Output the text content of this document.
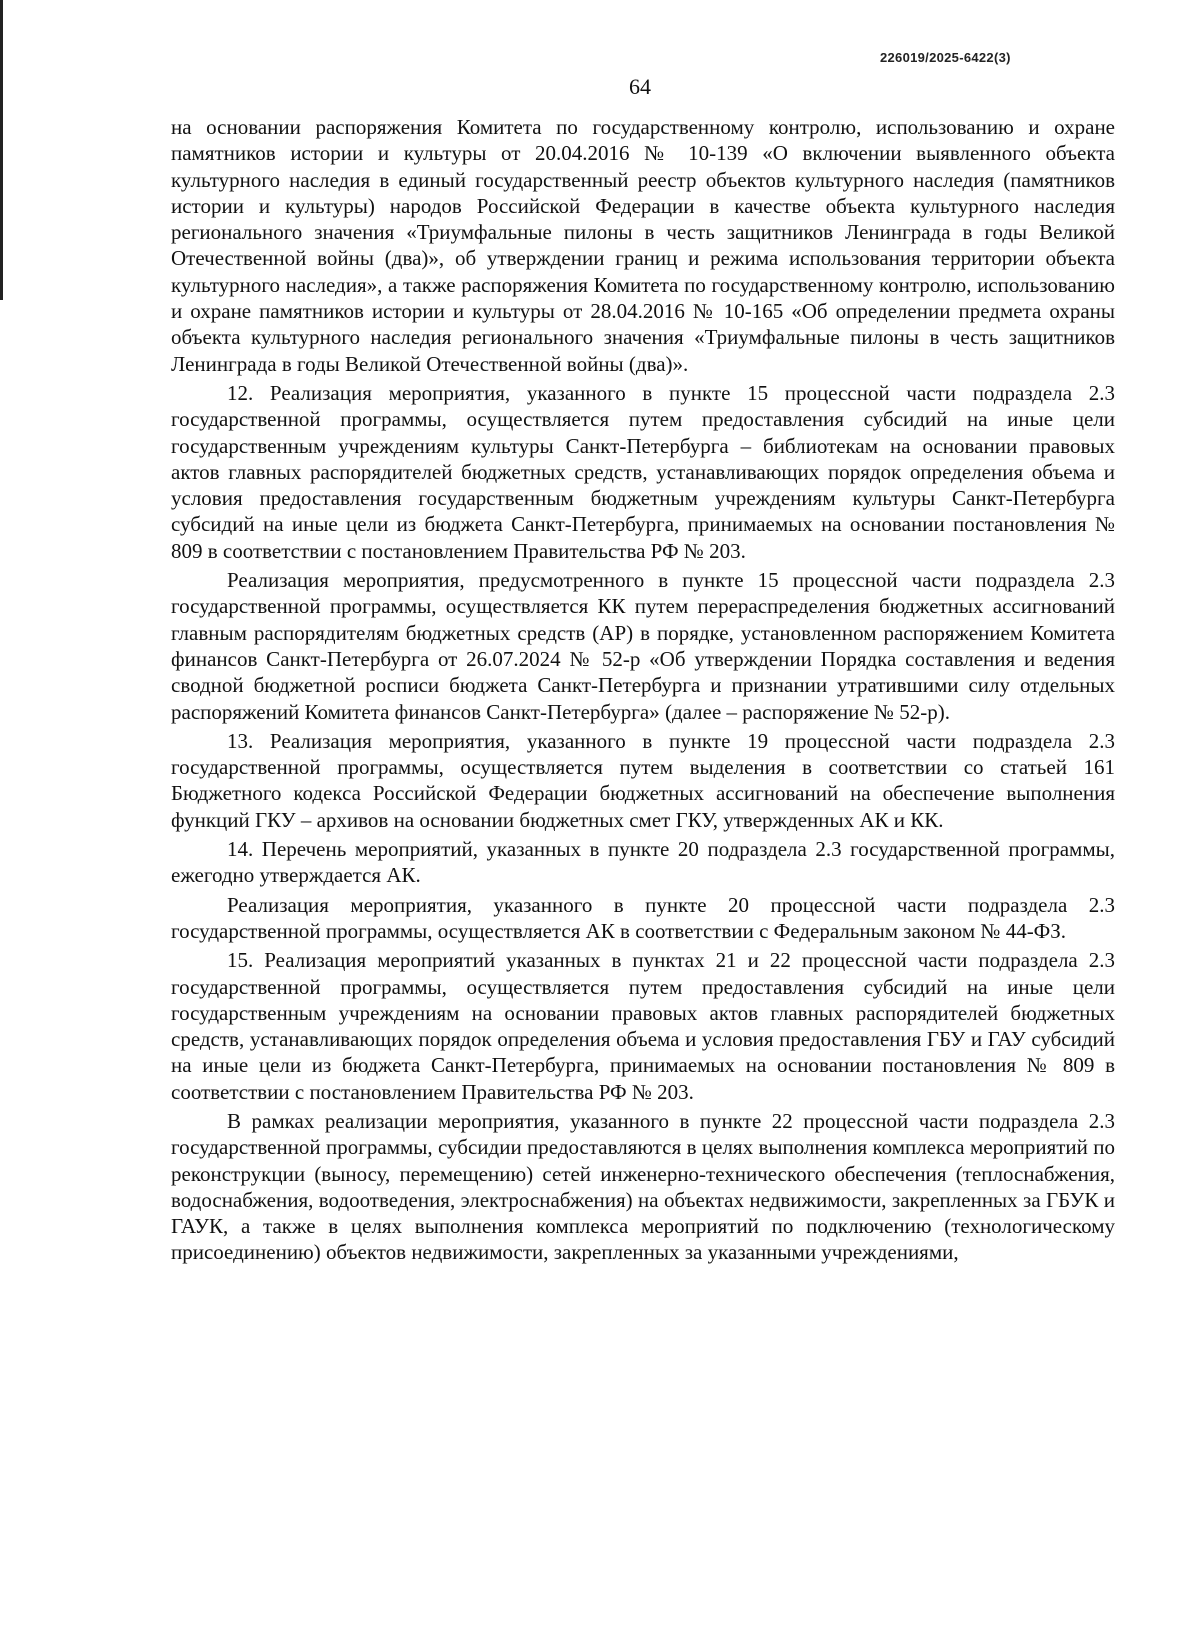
226019/2025-6422(3)
64

на основании распоряжения Комитета по государственному контролю, использованию и охране памятников истории и культуры от 20.04.2016 № 10-139 «О включении выявленного объекта культурного наследия в единый государственный реестр объектов культурного наследия (памятников истории и культуры) народов Российской Федерации в качестве объекта культурного наследия регионального значения «Триумфальные пилоны в честь защитников Ленинграда в годы Великой Отечественной войны (два)», об утверждении границ и режима использования территории объекта культурного наследия», а также распоряжения Комитета по государственному контролю, использованию и охране памятников истории и культуры от 28.04.2016 № 10-165 «Об определении предмета охраны объекта культурного наследия регионального значения «Триумфальные пилоны в честь защитников Ленинграда в годы Великой Отечественной войны (два)».

12. Реализация мероприятия, указанного в пункте 15 процессной части подраздела 2.3 государственной программы, осуществляется путем предоставления субсидий на иные цели государственным учреждениям культуры Санкт-Петербурга – библиотекам на основании правовых актов главных распорядителей бюджетных средств, устанавливающих порядок определения объема и условия предоставления государственным бюджетным учреждениям культуры Санкт-Петербурга субсидий на иные цели из бюджета Санкт-Петербурга, принимаемых на основании постановления № 809 в соответствии с постановлением Правительства РФ № 203.

Реализация мероприятия, предусмотренного в пункте 15 процессной части подраздела 2.3 государственной программы, осуществляется КК путем перераспределения бюджетных ассигнований главным распорядителям бюджетных средств (АР) в порядке, установленном распоряжением Комитета финансов Санкт-Петербурга от 26.07.2024 № 52-р «Об утверждении Порядка составления и ведения сводной бюджетной росписи бюджета Санкт-Петербурга и признании утратившими силу отдельных распоряжений Комитета финансов Санкт-Петербурга» (далее – распоряжение № 52-р).

13. Реализация мероприятия, указанного в пункте 19 процессной части подраздела 2.3 государственной программы, осуществляется путем выделения в соответствии со статьей 161 Бюджетного кодекса Российской Федерации бюджетных ассигнований на обеспечение выполнения функций ГКУ – архивов на основании бюджетных смет ГКУ, утвержденных АК и КК.

14. Перечень мероприятий, указанных в пункте 20 подраздела 2.3 государственной программы, ежегодно утверждается АК.

Реализация мероприятия, указанного в пункте 20 процессной части подраздела 2.3 государственной программы, осуществляется АК в соответствии с Федеральным законом № 44-ФЗ.

15. Реализация мероприятий указанных в пунктах 21 и 22 процессной части подраздела 2.3 государственной программы, осуществляется путем предоставления субсидий на иные цели государственным учреждениям на основании правовых актов главных распорядителей бюджетных средств, устанавливающих порядок определения объема и условия предоставления ГБУ и ГАУ субсидий на иные цели из бюджета Санкт-Петербурга, принимаемых на основании постановления № 809 в соответствии с постановлением Правительства РФ № 203.

В рамках реализации мероприятия, указанного в пункте 22 процессной части подраздела 2.3 государственной программы, субсидии предоставляются в целях выполнения комплекса мероприятий по реконструкции (выносу, перемещению) сетей инженерно-технического обеспечения (теплоснабжения, водоснабжения, водоотведения, электроснабжения) на объектах недвижимости, закрепленных за ГБУК и ГАУК, а также в целях выполнения комплекса мероприятий по подключению (технологическому присоединению) объектов недвижимости, закрепленных за указанными учреждениями,
